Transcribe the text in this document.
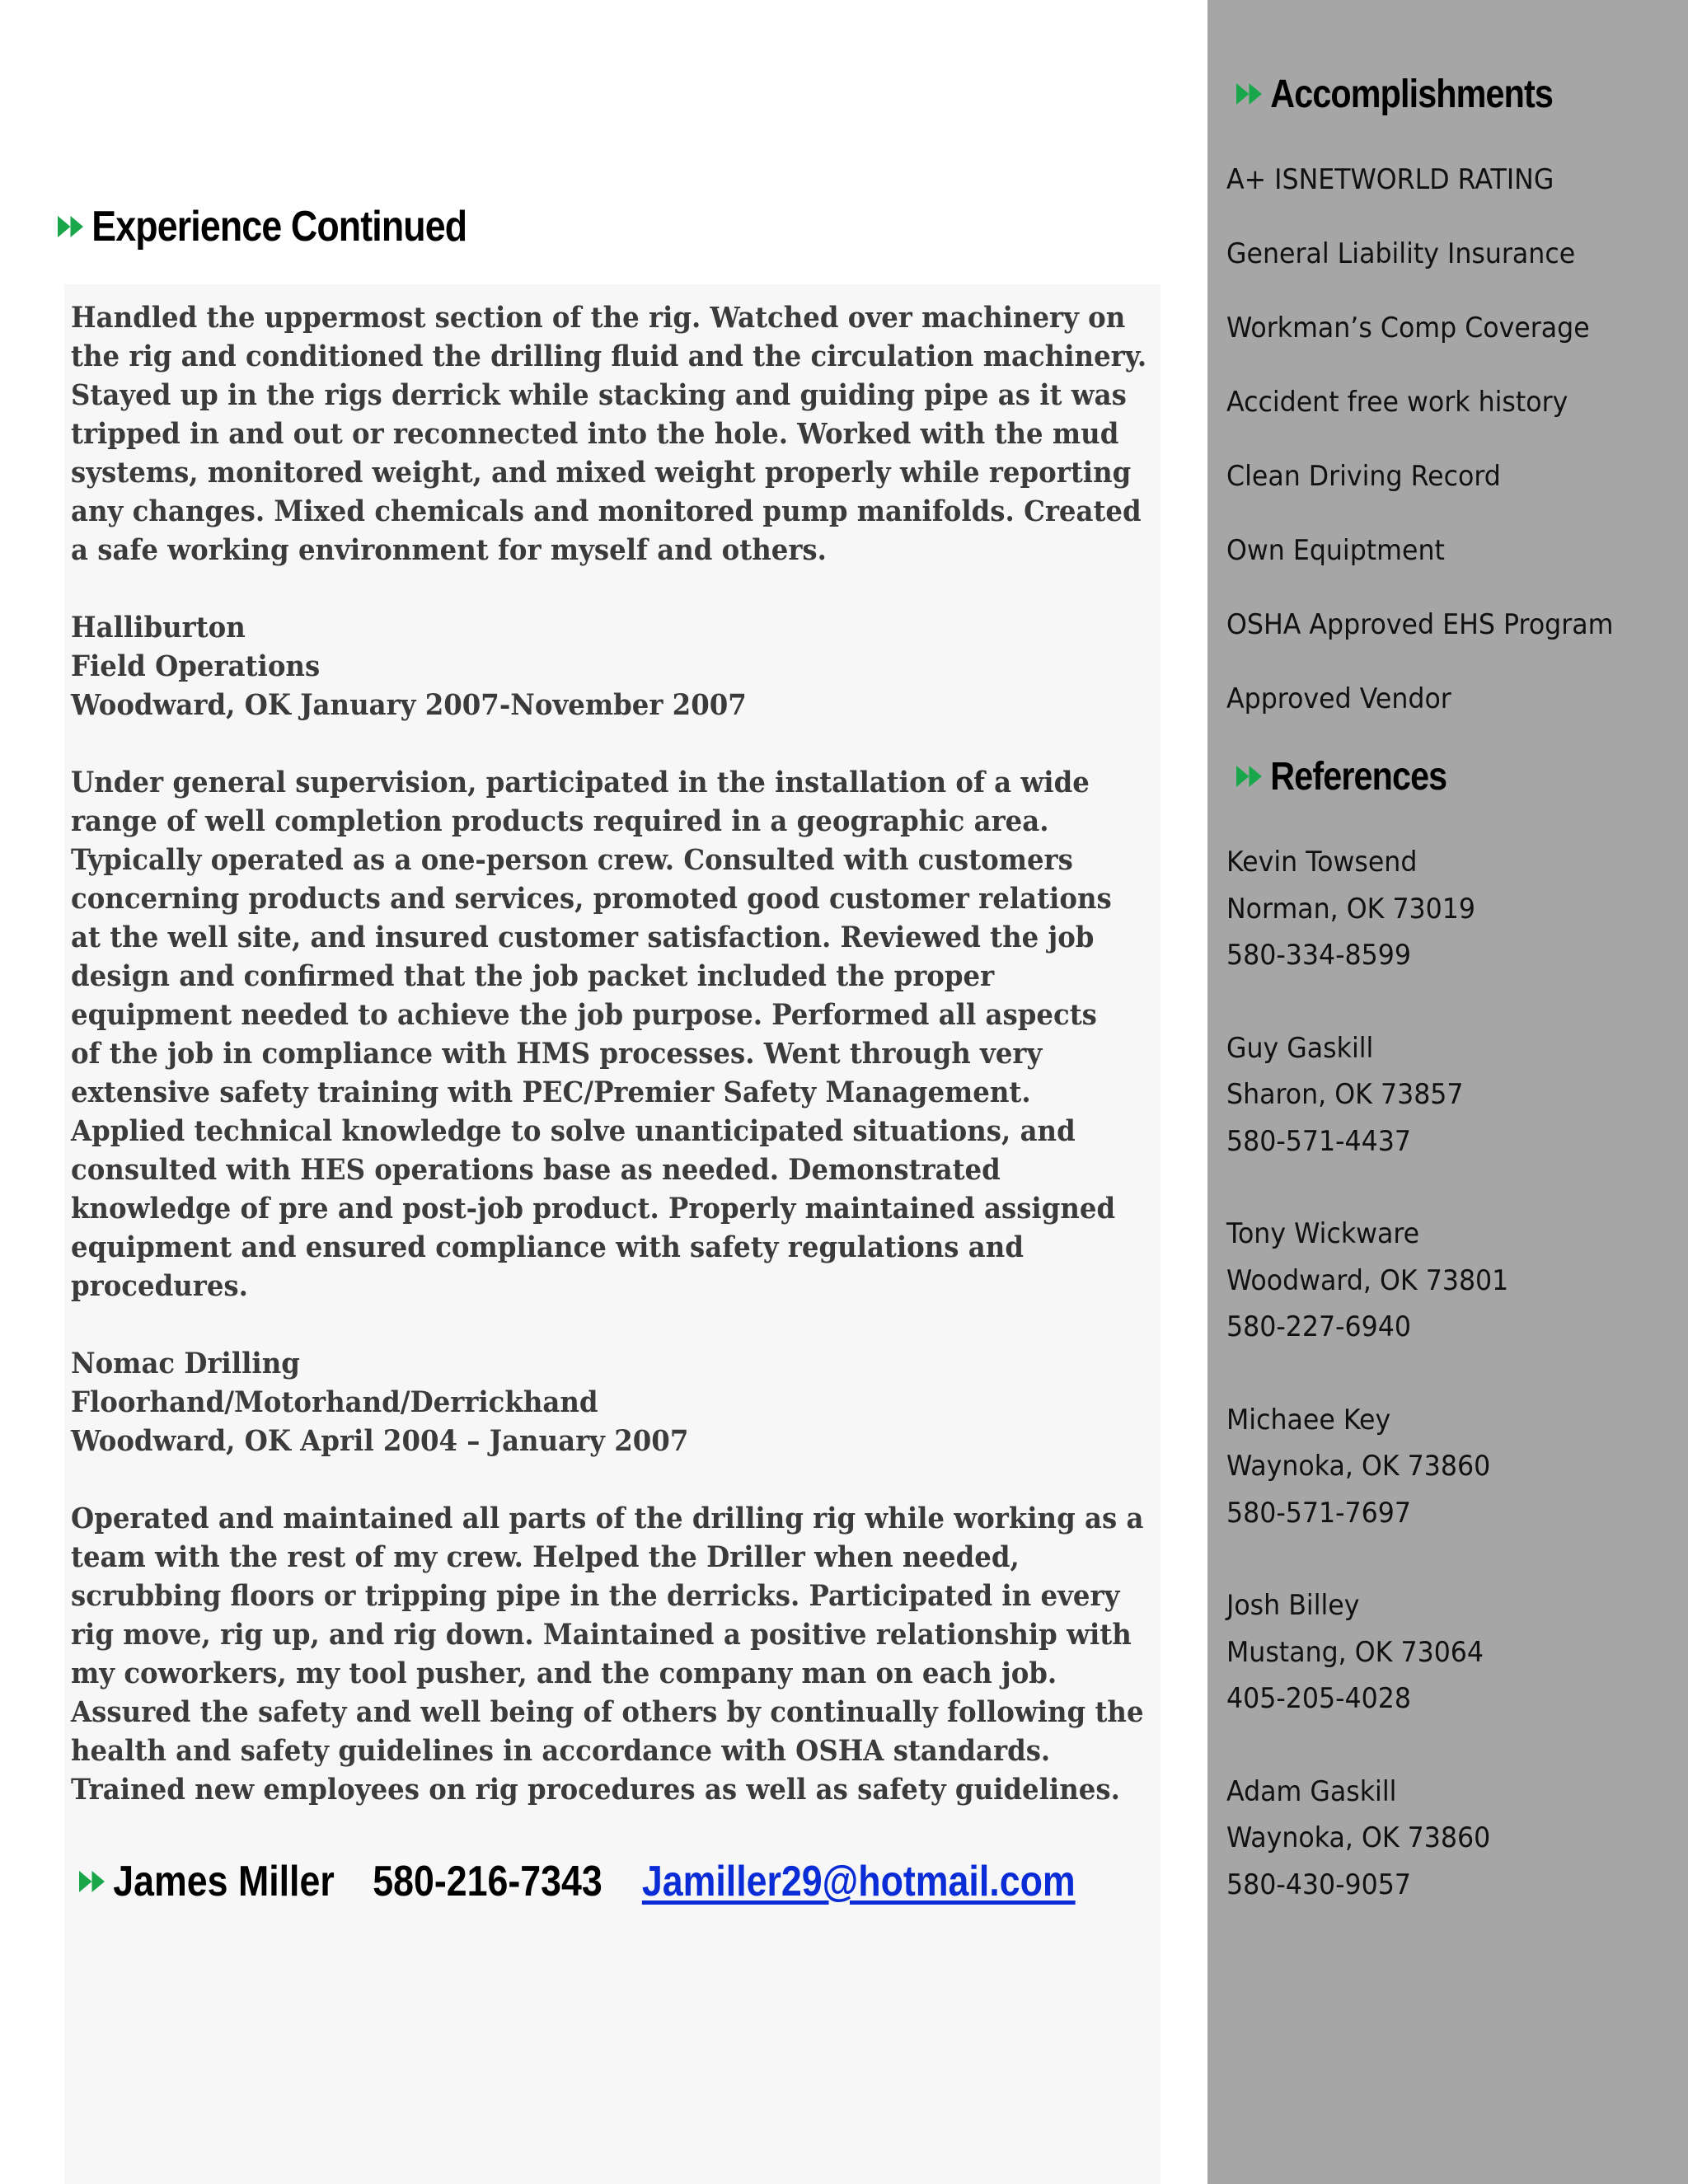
Experience Continued
Handled the uppermost section of the rig. Watched over machinery on
the rig and conditioned the drilling fluid and the circulation machinery.
Stayed up in the rigs derrick while stacking and guiding pipe as it was
tripped in and out or reconnected into the hole. Worked with the mud
systems, monitored weight, and mixed weight properly while reporting
any changes. Mixed chemicals and monitored pump manifolds. Created
a safe working environment for myself and others.
Halliburton
Field Operations
Woodward, OK January 2007-November 2007
Under general supervision, participated in the installation of a wide
range of well completion products required in a geographic area.
Typically operated as a one-person crew. Consulted with customers
concerning products and services, promoted good customer relations
at the well site, and insured customer satisfaction. Reviewed the job
design and confirmed that the job packet included the proper
equipment needed to achieve the job purpose. Performed all aspects
of the job in compliance with HMS processes. Went through very
extensive safety training with PEC/Premier Safety Management.
Applied technical knowledge to solve unanticipated situations, and
consulted with HES operations base as needed. Demonstrated
knowledge of pre and post-job product. Properly maintained assigned
equipment and ensured compliance with safety regulations and
procedures.
Nomac Drilling
Floorhand/Motorhand/Derrickhand
Woodward, OK April 2004 – January 2007
Operated and maintained all parts of the drilling rig while working as a
team with the rest of my crew. Helped the Driller when needed,
scrubbing floors or tripping pipe in the derricks. Participated in every
rig move, rig up, and rig down. Maintained a positive relationship with
my coworkers, my tool pusher, and the company man on each job.
Assured the safety and well being of others by continually following the
health and safety guidelines in accordance with OSHA standards.
Trained new employees on rig procedures as well as safety guidelines.
James Miller 580-216-7343 Jamiller29@hotmail.com
Accomplishments
A+ ISNETWORLD RATING
General Liability Insurance
Workman’s Comp Coverage
Accident free work history
Clean Driving Record
Own Equiptment
OSHA Approved EHS Program
Approved Vendor
References
Kevin Towsend
Norman, OK 73019
580-334-8599
Guy Gaskill
Sharon, OK 73857
580-571-4437
Tony Wickware
Woodward, OK 73801
580-227-6940
Michaee Key
Waynoka, OK 73860
580-571-7697
Josh Billey
Mustang, OK 73064
405-205-4028
Adam Gaskill
Waynoka, OK 73860
580-430-9057
